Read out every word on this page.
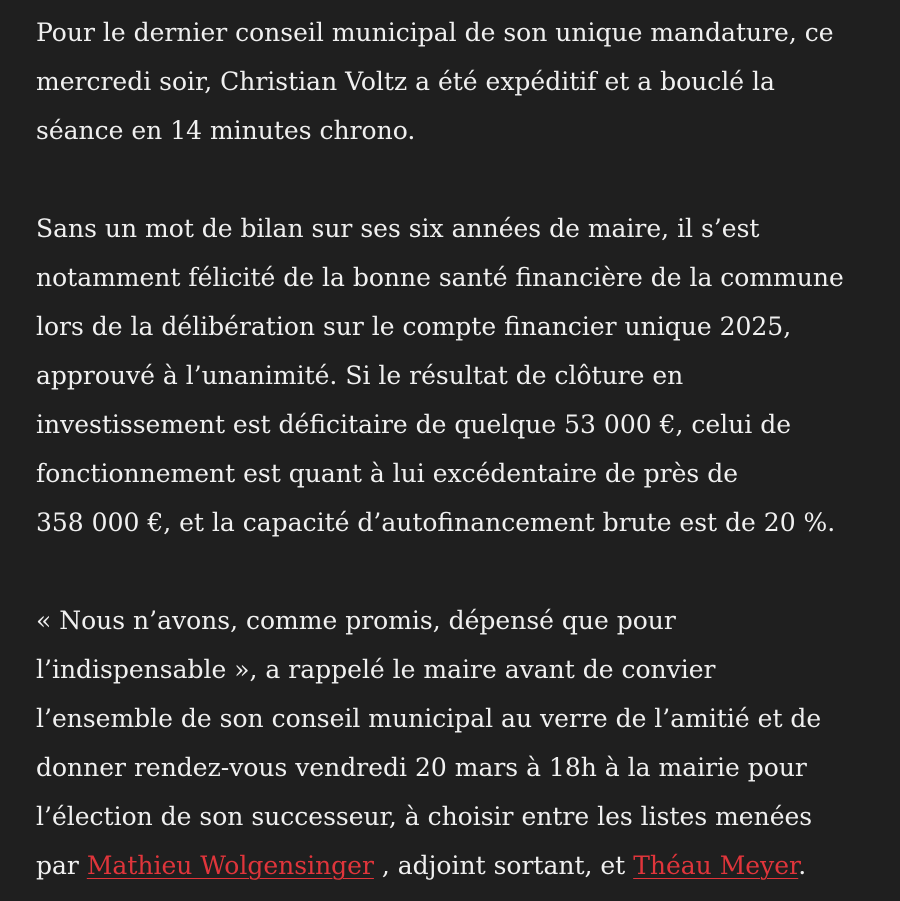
Pour le dernier conseil municipal de son unique mandature, ce
mercredi soir, Christian Voltz a été expéditif et a bouclé la
séance en 14 minutes chrono.

Sans un mot de bilan sur ses six années de maire, il s’est
notamment félicité de la bonne santé financière de la commune
lors de la délibération sur le compte financier unique 2025,
approuvé à l’unanimité. Si le résultat de clôture en
investissement est déficitaire de quelque 53 000 €, celui de
fonctionnement est quant à lui excédentaire de près de
358 000 €, et la capacité d’autofinancement brute est de 20 %.

« Nous n’avons, comme promis, dépensé que pour
l’indispensable », a rappelé le maire avant de convier
l’ensemble de son conseil municipal au verre de l’amitié et de
donner rendez-vous vendredi 20 mars à 18h à la mairie pour
l’élection de son successeur, à choisir entre les listes menées
par Mathieu Wolgensinger , adjoint sortant, et Théau Meyer.
